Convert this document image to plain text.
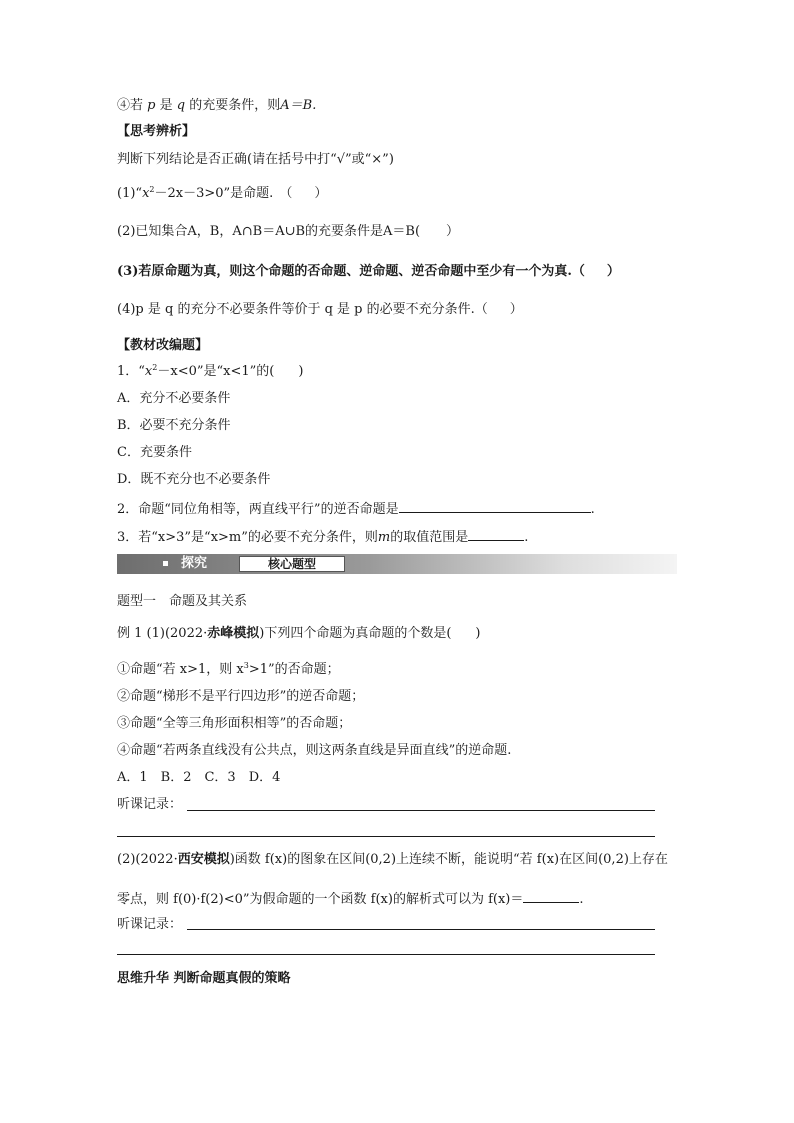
④若 p 是 q 的充要条件，则A＝B.
【思考辨析】
判断下列结论是否正确(请在括号中打“√”或“×”)
$(1)“x^2-2x-3>0$”是命题. （ ）
(2)已知集合A，B，A∩B＝A∪B的充要条件是A＝B( ）
(3)若原命题为真，则这个命题的否命题、逆命题、逆否命题中至少有一个为真.（ ）
(4)p 是 q 的充分不必要条件等价于 q 是 p 的必要不充分条件.（ ）
【教材改编题】
1．“$x^2-x<0$”是“x<1”的( )
A．充分不必要条件
B．必要不充分条件
C．充要条件
D．既不充分也不必要条件
2．命题“同位角相等，两直线平行”的逆否命题是	.
3．若“x>3”是“x>m”的必要不充分条件，则m的取值范围是	.
探究	核心题型
题型一　命题及其关系
例 1 (1)(2022·赤峰模拟)下列四个命题为真命题的个数是( )
①命题“若 x>1，则 $x^3>1$”的否命题；
②命题“梯形不是平行四边形”的逆否命题；
③命题“全等三角形面积相等”的否命题；
④命题“若两条直线没有公共点，则这两条直线是异面直线”的逆命题.
A．1　B．2　C．3　D．4
听课记录：
(2)(2022·西安模拟)函数 f(x)的图象在区间(0,2)上连续不断，能说明“若 f(x)在区间(0,2)上存在
零点，则 f(0)·f(2)<0”为假命题的一个函数 f(x)的解析式可以为 f(x)＝	.
听课记录：
思维升华 判断命题真假的策略
